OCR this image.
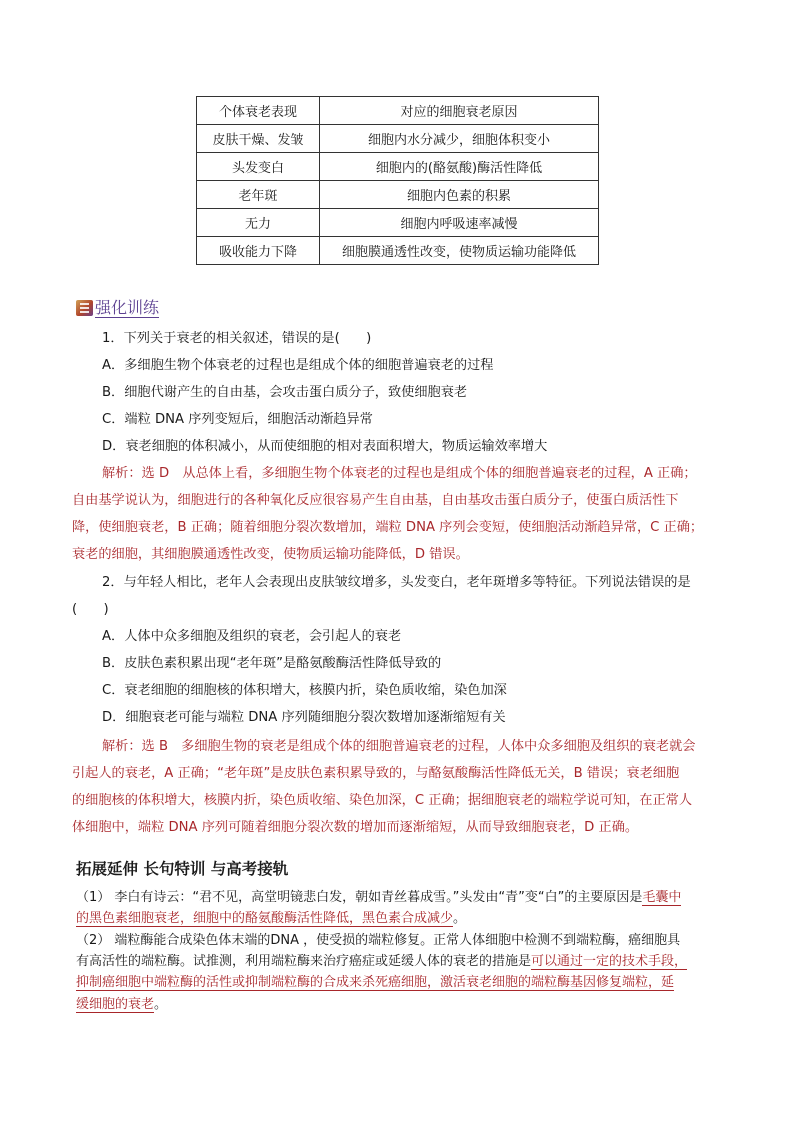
个体衰老表现	对应的细胞衰老原因
皮肤干燥、发皱	细胞内水分减少，细胞体积变小
头发变白	细胞内的(酪氨酸)酶活性降低
老年斑	细胞内色素的积累
无力	细胞内呼吸速率减慢
吸收能力下降	细胞膜通透性改变，使物质运输功能降低
强化训练
1．下列关于衰老的相关叙述，错误的是(　　)
A．多细胞生物个体衰老的过程也是组成个体的细胞普遍衰老的过程
B．细胞代谢产生的自由基，会攻击蛋白质分子，致使细胞衰老
C．端粒 DNA 序列变短后，细胞活动渐趋异常
D．衰老细胞的体积减小，从而使细胞的相对表面积增大，物质运输效率增大
解析：选 D　从总体上看，多细胞生物个体衰老的过程也是组成个体的细胞普遍衰老的过程，A 正确；
自由基学说认为，细胞进行的各种氧化反应很容易产生自由基，自由基攻击蛋白质分子，使蛋白质活性下
降，使细胞衰老，B 正确；随着细胞分裂次数增加，端粒 DNA 序列会变短，使细胞活动渐趋异常，C 正确；
衰老的细胞，其细胞膜通透性改变，使物质运输功能降低，D 错误。
2．与年轻人相比，老年人会表现出皮肤皱纹增多，头发变白，老年斑增多等特征。下列说法错误的是
(　　)
A．人体中众多细胞及组织的衰老，会引起人的衰老
B．皮肤色素积累出现“老年斑”是酪氨酸酶活性降低导致的
C．衰老细胞的细胞核的体积增大，核膜内折，染色质收缩，染色加深
D．细胞衰老可能与端粒 DNA 序列随细胞分裂次数增加逐渐缩短有关
解析：选 B　多细胞生物的衰老是组成个体的细胞普遍衰老的过程，人体中众多细胞及组织的衰老就会
引起人的衰老，A 正确；“老年斑”是皮肤色素积累导致的，与酪氨酸酶活性降低无关，B 错误；衰老细胞
的细胞核的体积增大，核膜内折，染色质收缩、染色加深，C 正确；据细胞衰老的端粒学说可知，在正常人
体细胞中，端粒 DNA 序列可随着细胞分裂次数的增加而逐渐缩短，从而导致细胞衰老，D 正确。
拓展延伸 长句特训 与高考接轨
（1） 李白有诗云：“君不见，高堂明镜悲白发，朝如青丝暮成雪。”头发由“青”变“白”的主要原因是毛囊中
的黑色素细胞衰老，细胞中的酪氨酸酶活性降低，黑色素合成减少。
（2） 端粒酶能合成染色体末端的DNA ，使受损的端粒修复。正常人体细胞中检测不到端粒酶，癌细胞具
有高活性的端粒酶。试推测，利用端粒酶来治疗癌症或延缓人体的衰老的措施是可以通过一定的技术手段，
抑制癌细胞中端粒酶的活性或抑制端粒酶的合成来杀死癌细胞，激活衰老细胞的端粒酶基因修复端粒，延
缓细胞的衰老。
